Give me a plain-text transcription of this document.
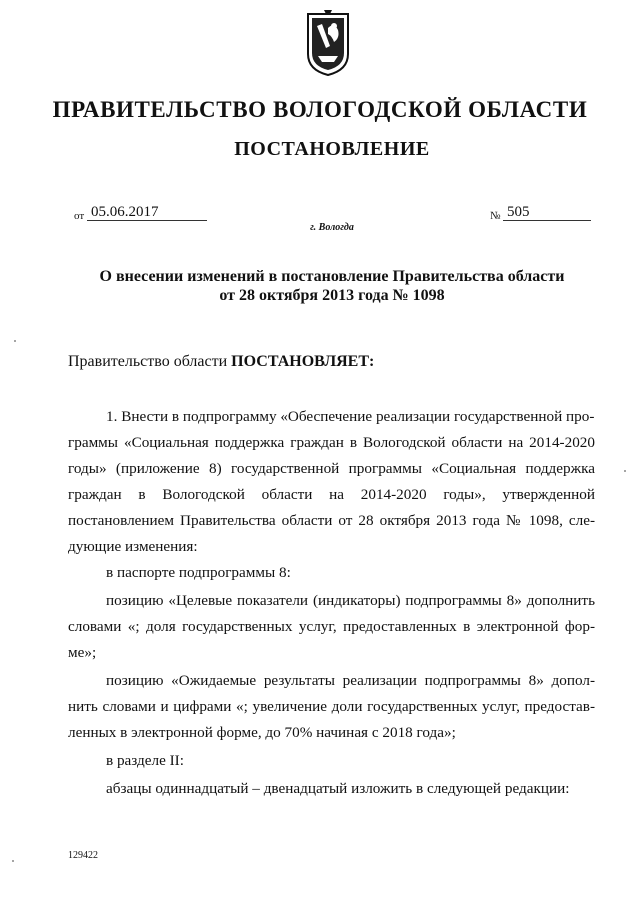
ПРАВИТЕЛЬСТВО ВОЛОГОДСКОЙ ОБЛАСТИ
ПОСТАНОВЛЕНИЕ
от 05.06.2017	№ 505
г. Вологда
О внесении изменений в постановление Правительства области
от 28 октября 2013 года № 1098
Правительство области ПОСТАНОВЛЯЕТ:
1. Внести в подпрограмму «Обеспечение реализации государственной про-
граммы «Социальная поддержка граждан в Вологодской области на 2014-2020
годы» (приложение 8) государственной программы «Социальная поддержка
граждан в Вологодской области на 2014-2020 годы», утвержденной
постановлением Правительства области от 28 октября 2013 года № 1098, сле-
дующие изменения:
в паспорте подпрограммы 8:
позицию «Целевые показатели (индикаторы) подпрограммы 8» дополнить
словами «; доля государственных услуг, предоставленных в электронной фор-
ме»;
позицию «Ожидаемые результаты реализации подпрограммы 8» допол-
нить словами и цифрами «; увеличение доли государственных услуг, предостав-
ленных в электронной форме, до 70% начиная с 2018 года»;
в разделе II:
абзацы одиннадцатый – двенадцатый изложить в следующей редакции:
129422
